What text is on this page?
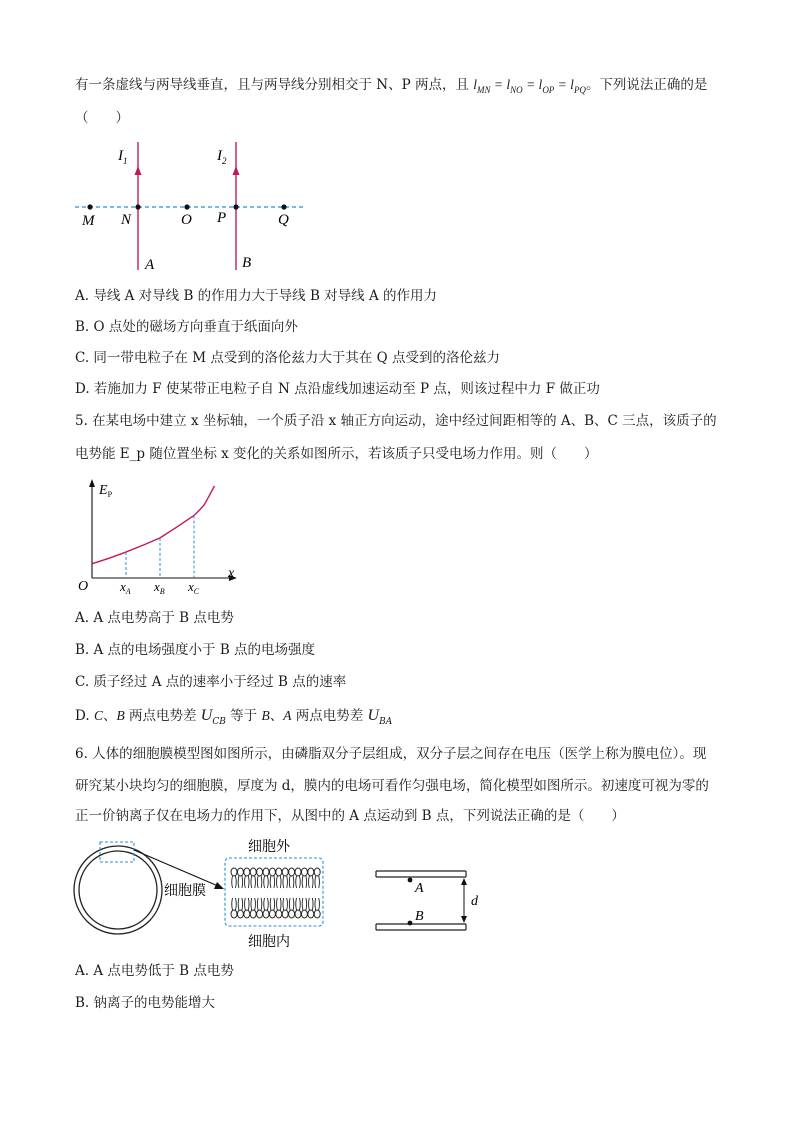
有一条虚线与两导线垂直，且与两导线分别相交于 N、P 两点，且 $l_{MN} = l_{NO} = l_{OP} = l_{PQ}$。下列说法正确的是
（　　）
$I_1$	$I_2$
M N	O P	Q
A	B
A. 导线 A 对导线 B 的作用力大于导线 B 对导线 A 的作用力
B. O 点处的磁场方向垂直于纸面向外
C. 同一带电粒子在 M 点受到的洛伦兹力大于其在 Q 点受到的洛伦兹力
D. 若施加力 F 使某带正电粒子自 N 点沿虚线加速运动至 P 点，则该过程中力 F 做正功
5. 在某电场中建立 x 坐标轴，一个质子沿 x 轴正方向运动，途中经过间距相等的 A、B、C 三点，该质子的
电势能 E_p 随位置坐标 x 变化的关系如图所示，若该质子只受电场力作用。则（　　）
$E_P$
x
O $x_A$ $x_B$ $x_C$
A. A 点电势高于 B 点电势
B. A 点的电场强度小于 B 点的电场强度
C. 质子经过 A 点的速率小于经过 B 点的速率
D. C、B 两点电势差 $U_{CB}$ 等于 B、A 两点电势差 $U_{BA}$
6. 人体的细胞膜模型图如图所示，由磷脂双分子层组成，双分子层之间存在电压（医学上称为膜电位）。现
研究某小块均匀的细胞膜，厚度为 d，膜内的电场可看作匀强电场，简化模型如图所示。初速度可视为零的
正一价钠离子仅在电场力的作用下，从图中的 A 点运动到 B 点，下列说法正确的是（　　）
细胞膜
细胞外
细胞内
A
B
d
A. A 点电势低于 B 点电势
B. 钠离子的电势能增大
